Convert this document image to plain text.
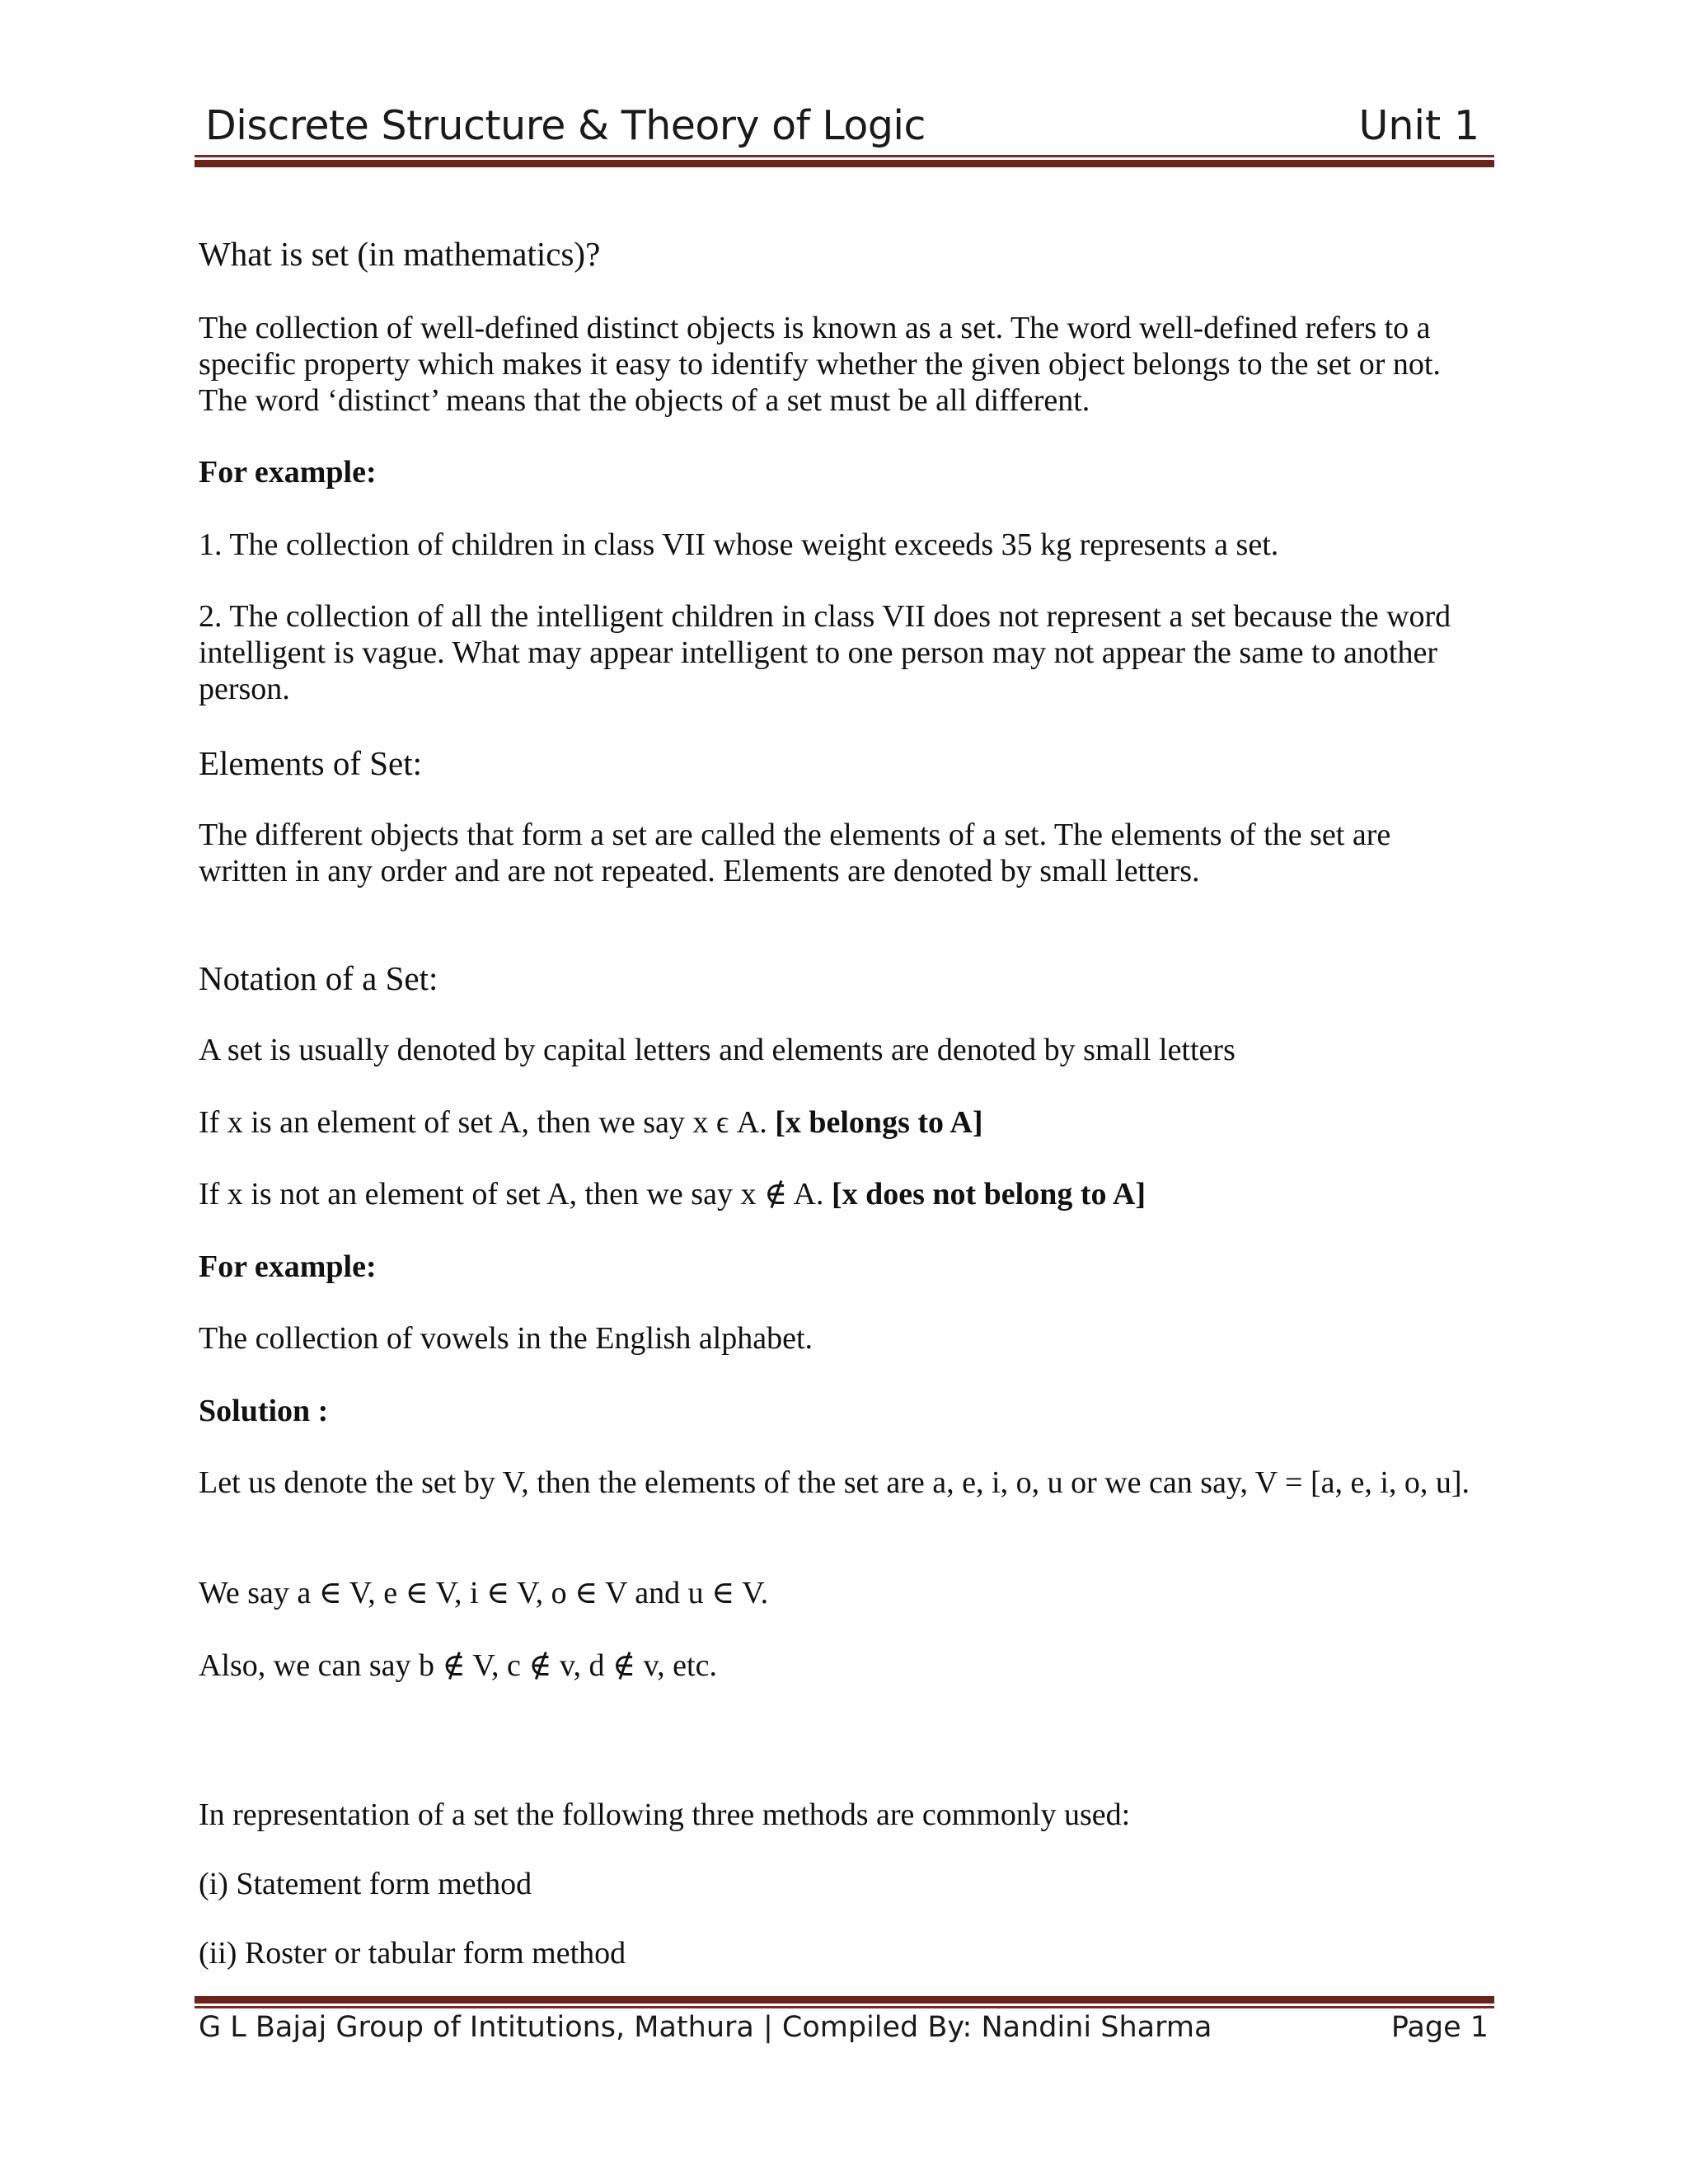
Discrete Structure & Theory of Logic	Unit 1
What is set (in mathematics)?
The collection of well-defined distinct objects is known as a set. The word well-defined refers to a specific property which makes it easy to identify whether the given object belongs to the set or not. The word ‘distinct’ means that the objects of a set must be all different.
For example:
1. The collection of children in class VII whose weight exceeds 35 kg represents a set.
2. The collection of all the intelligent children in class VII does not represent a set because the word intelligent is vague. What may appear intelligent to one person may not appear the same to another person.
Elements of Set:
The different objects that form a set are called the elements of a set. The elements of the set are written in any order and are not repeated. Elements are denoted by small letters.
Notation of a Set:
A set is usually denoted by capital letters and elements are denoted by small letters
If x is an element of set A, then we say x ϵ A. [x belongs to A]
If x is not an element of set A, then we say x ∉ A. [x does not belong to A]
For example:
The collection of vowels in the English alphabet.
Solution :
Let us denote the set by V, then the elements of the set are a, e, i, o, u or we can say, V = [a, e, i, o, u].
We say a ∈ V, e ∈ V, i ∈ V, o ∈ V and u ∈ V.
Also, we can say b ∉ V, c ∉ v, d ∉ v, etc.
In representation of a set the following three methods are commonly used:
(i) Statement form method
(ii) Roster or tabular form method
G L Bajaj Group of Intitutions, Mathura | Compiled By: Nandini Sharma	Page 1
